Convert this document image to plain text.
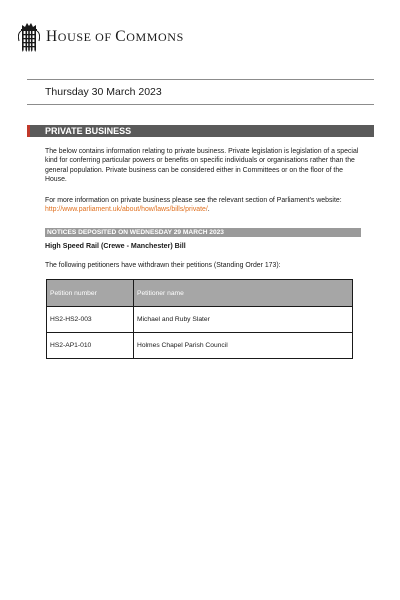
HOUSE OF COMMONS
Thursday 30 March 2023
PRIVATE BUSINESS

The below contains information relating to private business. Private legislation is legislation of a special kind for conferring particular powers or benefits on specific individuals or organisations rather than the general population. Private business can be considered either in Committees or on the floor of the House.

For more information on private business please see the relevant section of Parliament's website: http://www.parliament.uk/about/how/laws/bills/private/.

NOTICES DEPOSITED ON WEDNESDAY 29 MARCH 2023
High Speed Rail (Crewe - Manchester) Bill
The following petitioners have withdrawn their petitions (Standing Order 173):
Petition number	Petitioner name
HS2-HS2-003	Michael and Ruby Slater
HS2-AP1-010	Holmes Chapel Parish Council
